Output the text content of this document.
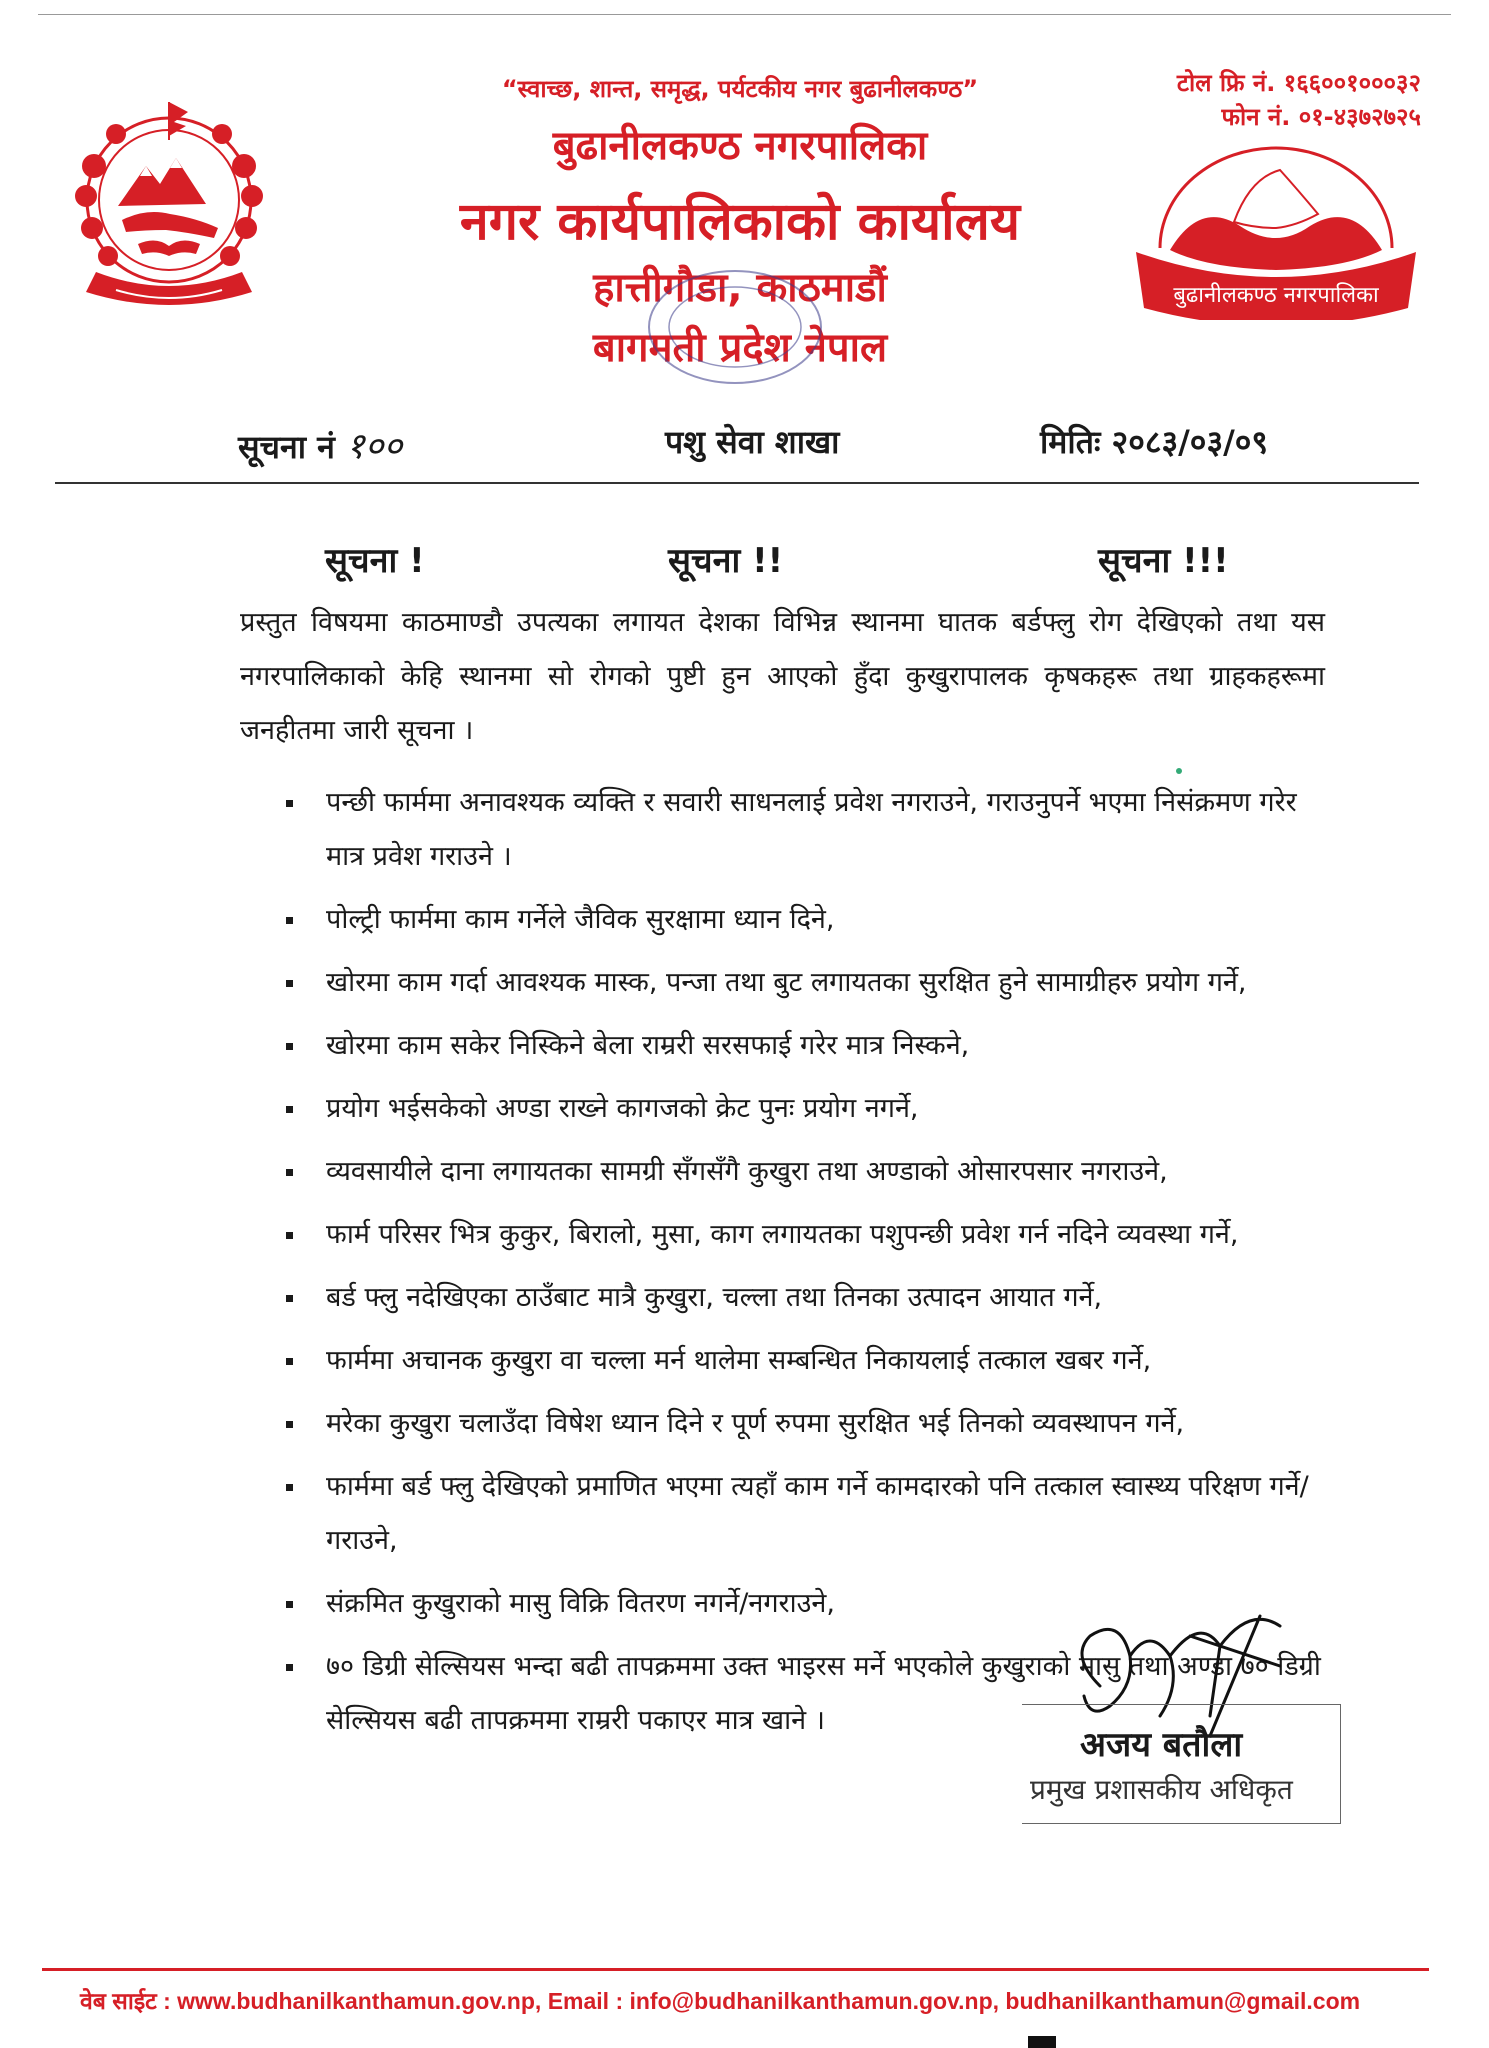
“स्वाच्छ, शान्त, समृद्ध, पर्यटकीय नगर बुढानीलकण्ठ”
बुढानीलकण्ठ नगरपालिका
नगर कार्यपालिकाको कार्यालय
हात्तीगौडा, काठमाडौं
बागमती प्रदेश नेपाल
टोल फ्रि नं. १६६००१०००३२
फोन नं. ०१-४३७२७२५
बुढानीलकण्ठ नगरपालिका
सूचना नं १००	पशु सेवा शाखा	मितिः २०८३/०३/०९
सूचना !	सूचना !!	सूचना !!!
प्रस्तुत विषयमा काठमाण्डौ उपत्यका लगायत देशका विभिन्न स्थानमा घातक बर्डफ्लु रोग देखिएको तथा यस नगरपालिकाको केहि स्थानमा सो रोगको पुष्टी हुन आएको हुँदा कुखुरापालक कृषकहरू तथा ग्राहकहरूमा जनहीतमा जारी सूचना ।
पन्छी फार्ममा अनावश्यक व्यक्ति र सवारी साधनलाई प्रवेश नगराउने, गराउनुपर्ने भएमा निसंक्रमण गरेर मात्र प्रवेश गराउने ।
पोल्ट्री फार्ममा काम गर्नेले जैविक सुरक्षामा ध्यान दिने,
खोरमा काम गर्दा आवश्यक मास्क, पन्जा तथा बुट लगायतका सुरक्षित हुने सामाग्रीहरु प्रयोग गर्ने,
खोरमा काम सकेर निस्किने बेला राम्ररी सरसफाई गरेर मात्र निस्कने,
प्रयोग भईसकेको अण्डा राख्ने कागजको क्रेट पुनः प्रयोग नगर्ने,
व्यवसायीले दाना लगायतका सामग्री सँगसँगै कुखुरा तथा अण्डाको ओसारपसार नगराउने,
फार्म परिसर भित्र कुकुर, बिरालो, मुसा, काग लगायतका पशुपन्छी प्रवेश गर्न नदिने व्यवस्था गर्ने,
बर्ड फ्लु नदेखिएका ठाउँबाट मात्रै कुखुरा, चल्ला तथा तिनका उत्पादन आयात गर्ने,
फार्ममा अचानक कुखुरा वा चल्ला मर्न थालेमा सम्बन्धित निकायलाई तत्काल खबर गर्ने,
मरेका कुखुरा चलाउँदा विषेश ध्यान दिने र पूर्ण रुपमा सुरक्षित भई तिनको व्यवस्थापन गर्ने,
फार्ममा बर्ड फ्लु देखिएको प्रमाणित भएमा त्यहाँ काम गर्ने कामदारको पनि तत्काल स्वास्थ्य परिक्षण गर्ने/ गराउने,
संक्रमित कुखुराको मासु विक्रि वितरण नगर्ने/नगराउने,
७० डिग्री सेल्सियस भन्दा बढी तापक्रममा उक्त भाइरस मर्ने भएकोले कुखुराको मासु तथा अण्डा ७० डिग्री सेल्सियस बढी तापक्रममा राम्ररी पकाएर मात्र खाने ।
अजय बतौला
प्रमुख प्रशासकीय अधिकृत
वेब साईट : www.budhanilkanthamun.gov.np, Email : info@budhanilkanthamun.gov.np, budhanilkanthamun@gmail.com
